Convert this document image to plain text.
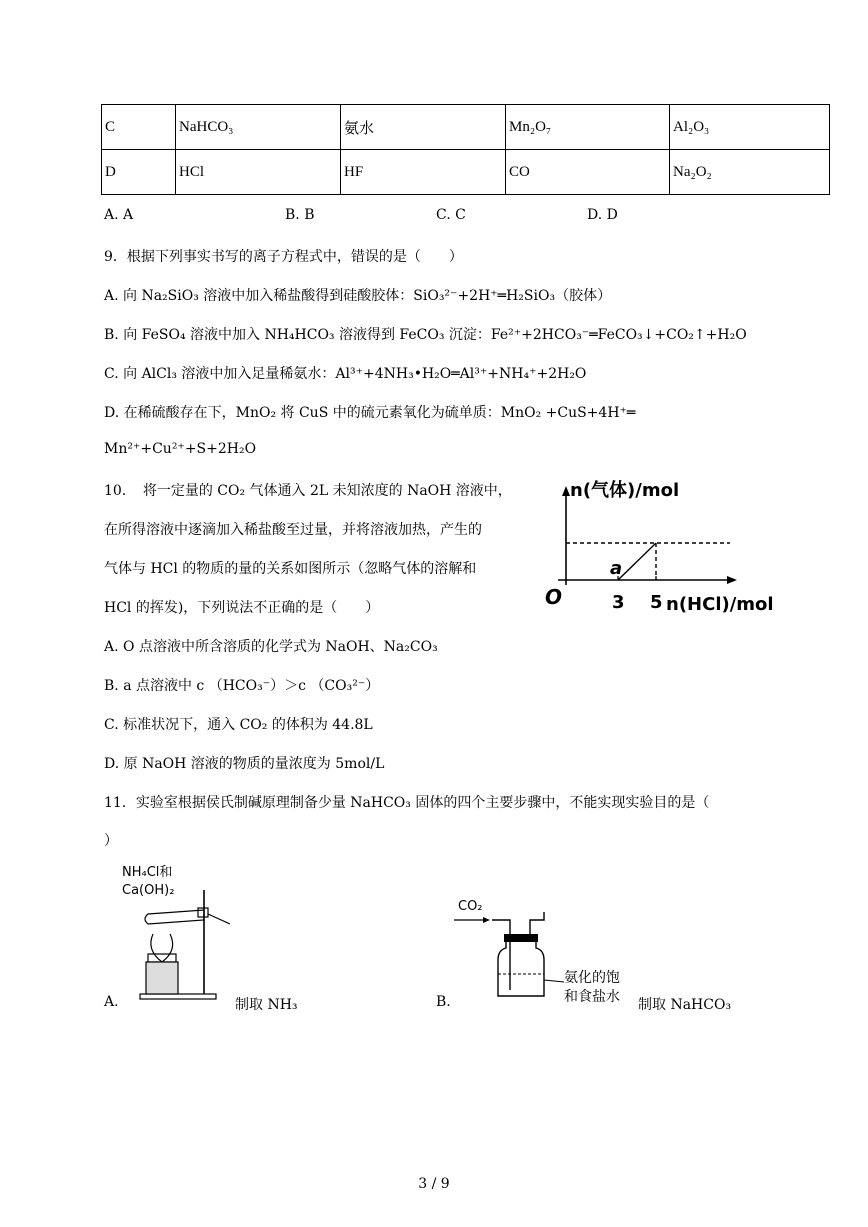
C	NaHCO₃	氨水	Mn₂O₇	Al₂O₃
D	HCl	HF	CO	Na₂O₂
A. A	B. B	C. C	D. D
9．根据下列事实书写的离子方程式中，错误的是（　　）
A. 向 Na₂SiO₃ 溶液中加入稀盐酸得到硅酸胶体：SiO₃²⁻+2H⁺═H₂SiO₃（胶体）
B. 向 FeSO₄ 溶液中加入 NH₄HCO₃ 溶液得到 FeCO₃ 沉淀：Fe²⁺+2HCO₃⁻═FeCO₃↓+CO₂↑+H₂O
C. 向 AlCl₃ 溶液中加入足量稀氨水：Al³⁺+4NH₃•H₂O═Al³⁺+NH₄⁺+2H₂O
D. 在稀硫酸存在下，MnO₂ 将 CuS 中的硫元素氧化为硫单质：MnO₂ +CuS+4H⁺═
Mn²⁺+Cu²⁺+S+2H₂O
10．　将一定量的 CO₂ 气体通入 2L 未知浓度的 NaOH 溶液中，
在所得溶液中逐滴加入稀盐酸至过量，并将溶液加热，产生的
气体与 HCl 的物质的量的关系如图所示（忽略气体的溶解和
HCl 的挥发)，下列说法不正确的是（　　）
n(气体)/mol
O
a
3 5 n(HCl)/mol
A. O 点溶液中所含溶质的化学式为 NaOH、Na₂CO₃
B. a 点溶液中 c （HCO₃⁻）＞c （CO₃²⁻）
C. 标准状况下，通入 CO₂ 的体积为 44.8L
D. 原 NaOH 溶液的物质的量浓度为 5mol/L
11．实验室根据侯氏制碱原理制备少量 NaHCO₃ 固体的四个主要步骤中，不能实现实验目的是（
）
A.
NH₄Cl和
Ca(OH)₂
制取 NH₃	B.
CO₂
氨化的饱
和食盐水 制取 NaHCO₃
3 / 9
